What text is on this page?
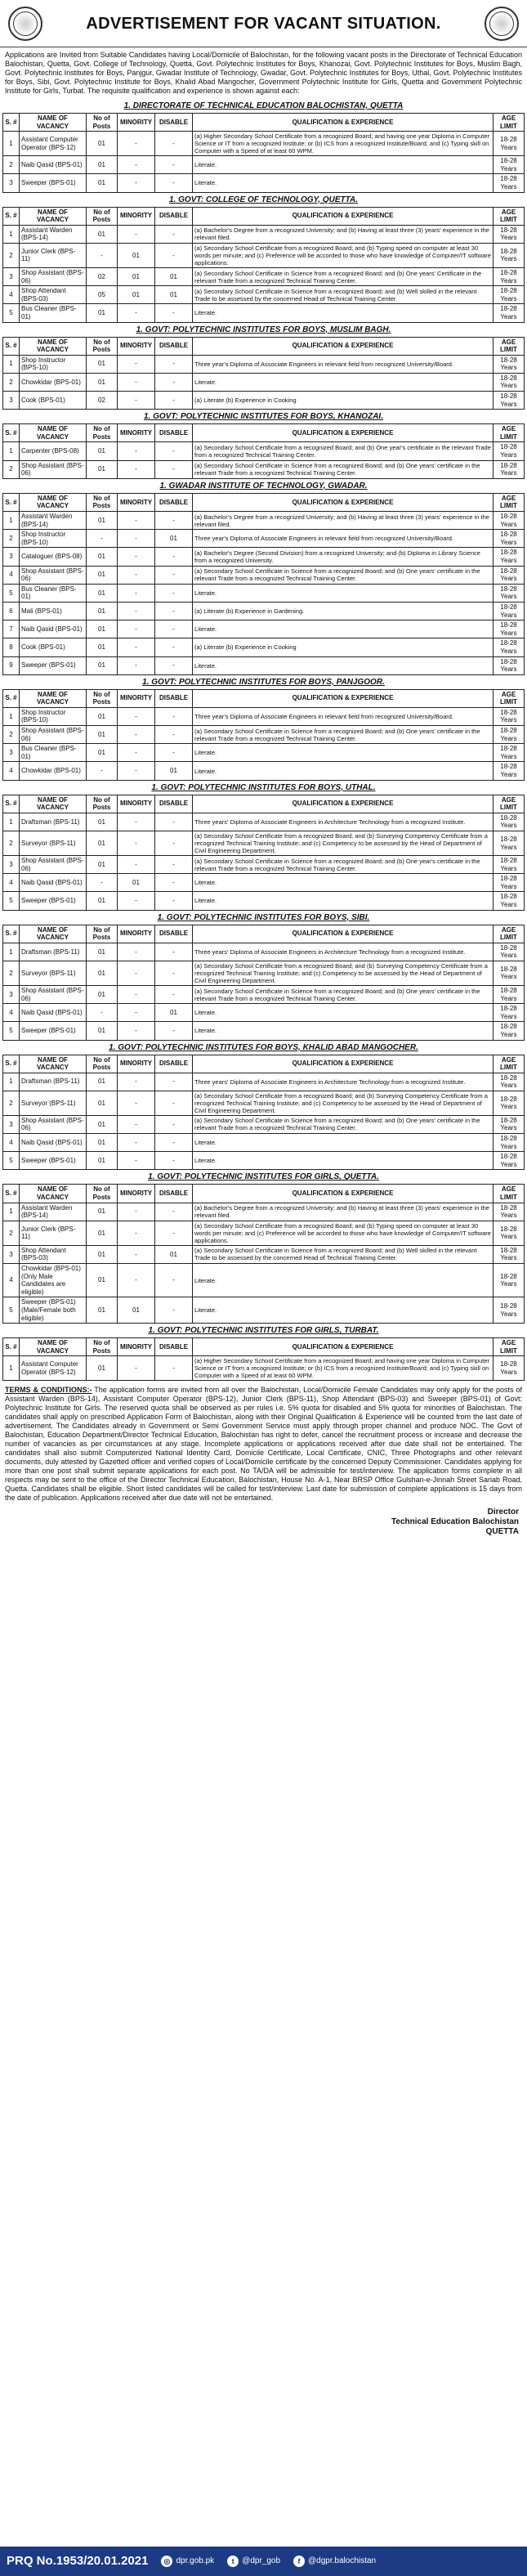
ADVERTISEMENT FOR VACANT SITUATION.
Applications are Invited from Suitable Candidates having Local/Domicile of Balochistan, for the following vacant posts in the Directorate of Technical Education Balochistan, Quetta, Govt. College of Technology, Quetta, Govt. Polytechnic Institutes for Boys, Khanozai, Govt. Polytechnic Institutes for Boys, Muslim Bagh, Govt. Polytechnic Institutes for Boys, Panjgur, Gwadar Institute of Technology, Gwadar, Govt. Polytechnic Institutes for Boys, Uthal, Govt. Polytechnic Institutes for Boys, Sibi, Govt. Polytechnic Institute for Boys, Khalid Abad Mangocher, Government Polytechnic Institute for Girls, Quetta and Government Polytechnic Institute for Girls, Turbat. The requisite qualification and experience is shown against each:
1. DIRECTORATE OF TECHNICAL EDUCATION BALOCHISTAN, QUETTA
S. #	NAME OF VACANCY	No of Posts	MINORITY	DISABLE	QUALIFICATION & EXPERIENCE	AGE LIMIT
1	Assistant Computer Operator (BPS-12)	01	-	-	(a) Higher Secondary School Certificate from a recognized Board; and having one year Diploma in Computer Science or IT from a recognized Institute; or (b) ICS from a recognized Institute/Board; and (c) Typing skill on Computer with a Speed of at least 60 WPM.	18-28 Years
2	Naib Qasid (BPS-01)	01	-	-	Literate.	18-28 Years
3	Sweeper (BPS-01)	01	-	-	Literate.	18-28 Years
1. GOVT: COLLEGE OF TECHNOLOGY, QUETTA.
S. #	NAME OF VACANCY	No of Posts	MINORITY	DISABLE	QUALIFICATION & EXPERIENCE	AGE LIMIT
1	Assistant Warden (BPS-14)	01	-	-	(a) Bachelor's Degree from a recognized University; and (b) Having at least three (3) years' experience in the relevant filed.	18-28 Years
2	Junior Clerk (BPS-11)	-	01	-	(a) Secondary School Certificate from a recognized Board; and (b) Typing speed on computer at least 30 words per minute; and (c) Preference will be accorded to those who have knowledge of Computer/IT software applications.	18-28 Years
3	Shop Assistant (BPS-06)	02	01	01	(a) Secondary School Certificate in Science from a recognized Board; and (b) One years' Certificate in the relevant Trade from a recognized Technical Training Center.	18-28 Years
4	Shop Attendant (BPS-03)	05	01	01	(a) Secondary School Certificate in Science from a recognized Board; and (b) Well skilled in the relevant Trade to be assessed by the concerned Head of Technical Training Center.	18-28 Years
5	Bus Cleaner (BPS-01)	01	-	-	Literate.	18-28 Years
1. GOVT: POLYTECHNIC INSTITUTES FOR BOYS, MUSLIM BAGH.
S. #	NAME OF VACANCY	No of Posts	MINORITY	DISABLE	QUALIFICATION & EXPERIENCE	AGE LIMIT
1	Shop Instructor (BPS-10)	01	-	-	Three year's Diploma of Associate Engineers in relevant field from recognized University/Board.	18-28 Years
2	Chowkidar (BPS-01)	01	-	-	Literate.	18-28 Years
3	Cook (BPS-01)	02	-	-	(a) Literate (b) Experience in Cooking	18-28 Years
1. GOVT: POLYTECHNIC INSTITUTES FOR BOYS, KHANOZAI.
S. #	NAME OF VACANCY	No of Posts	MINORITY	DISABLE	QUALIFICATION & EXPERIENCE	AGE LIMIT
1	Carpenter (BPS-08)	01	-	-	(a) Secondary School Certificate from a recognized Board; and (b) One year's certificate in the relevant Trade from a recognized Technical Training Center.	18-28 Years
2	Shop Assistant (BPS-06)	01	-	-	(a) Secondary School Certificate in Science from a recognized Board; and (b) One years' certificate in the relevant Trade from a recognized Technical Training Center.	18-28 Years
1. GWADAR INSTITUTE OF TECHNOLOGY, GWADAR.
S. #	NAME OF VACANCY	No of Posts	MINORITY	DISABLE	QUALIFICATION & EXPERIENCE	AGE LIMIT
1	Assistant Warden (BPS-14)	01	-	-	(a) Bachelor's Degree from a recognized University; and (b) Having at least three (3) years' experience in the relevant filed.	18-28 Years
2	Shop Instructor (BPS-10)	-	-	01	Three year's Diploma of Associate Engineers in relevant field from recognized University/Board.	18-28 Years
3	Cataloguer (BPS-08)	01	-	-	(a) Bachelor's Degree (Second Division) from a recognized University; and (b) Diploma in Library Science from a recognized University.	18-28 Years
4	Shop Assistant (BPS-06)	01	-	-	(a) Secondary School Certificate in Science from a recognized Board; and (b) One years' certificate in the relevant Trade from a recognized Technical Training Center.	18-28 Years
5	Bus Cleaner (BPS-01)	01	-	-	Literate.	18-28 Years
6	Mali (BPS-01)	01	-	-	(a) Literate (b) Experience in Gardening.	18-28 Years
7	Naib Qasid (BPS-01)	01	-	-	Literate.	18-28 Years
8	Cook (BPS-01)	01	-	-	(a) Literate (b) Experience in Cooking	18-28 Years
9	Sweeper (BPS-01)	01	-	-	Literate.	18-28 Years
1. GOVT: POLYTECHNIC INSTITUTES FOR BOYS, PANJGOOR.
S. #	NAME OF VACANCY	No of Posts	MINORITY	DISABLE	QUALIFICATION & EXPERIENCE	AGE LIMIT
1	Shop Instructor (BPS-10)	01	-	-	Three year's Diploma of Associate Engineers in relevant field from recognized University/Board.	18-28 Years
2	Shop Assistant (BPS-06)	01	-	-	(a) Secondary School Certificate in Science from a recognized Board; and (b) One years' certificate in the relevant Trade from a recognized Technical Training Center.	18-28 Years
3	Bus Cleaner (BPS-01)	01	-	-	Literate.	18-28 Years
4	Chowkidar (BPS-01)	-	-	01	Literate.	18-28 Years
1. GOVT: POLYTECHNIC INSTITUTES FOR BOYS, UTHAL.
S. #	NAME OF VACANCY	No of Posts	MINORITY	DISABLE	QUALIFICATION & EXPERIENCE	AGE LIMIT
1	Draftsman (BPS-11)	01	-	-	Three years' Diploma of Associate Engineers in Architecture Technology from a recognized Institute.	18-28 Years
2	Surveyor (BPS-11)	01	-	-	(a) Secondary School Certificate from a recognized Board; and (b) Surveying Competency Certificate from a recognized Technical Training Institute; and (c) Competency to be assessed by the Head of Department of Civil Engineering Department.	18-28 Years
3	Shop Assistant (BPS-06)	01	-	-	(a) Secondary School Certificate in Science from a recognized Board; and (b) One year's certificate in the relevant Trade from a recognized Technical Training Center.	18-28 Years
4	Naib Qasid (BPS-01)	-	01	-	Literate.	18-28 Years
5	Sweeper (BPS-01)	01	-	-	Literate.	18-28 Years
1. GOVT: POLYTECHNIC INSTITUTES FOR BOYS, SIBI.
S. #	NAME OF VACANCY	No of Posts	MINORITY	DISABLE	QUALIFICATION & EXPERIENCE	AGE LIMIT
1	Draftsman (BPS-11)	01	-	-	Three years' Diploma of Associate Engineers in Architecture Technology from a recognized Institute.	18-28 Years
2	Surveyor (BPS-11)	01	-	-	(a) Secondary School Certificate from a recognized Board; and (b) Surveying Competency Certificate from a recognized Technical Training Institute; and (c) Competency to be assessed by the Head of Department of Civil Engineering Department.	18-28 Years
3	Shop Assistant (BPS-06)	01	-	-	(a) Secondary School Certificate in Science from a recognized Board; and (b) One years' certificate in the relevant Trade from a recognized Technical Training Center.	18-28 Years
4	Naib Qasid (BPS-01)	-	-	01	Literate.	18-28 Years
5	Sweeper (BPS-01)	01	-	-	Literate.	18-28 Years
1. GOVT: POLYTECHNIC INSTITUTES FOR BOYS, KHALID ABAD MANGOCHER.
S. #	NAME OF VACANCY	No of Posts	MINORITY	DISABLE	QUALIFICATION & EXPERIENCE	AGE LIMIT
1	Draftsman (BPS-11)	01	-	-	Three years' Diploma of Associate Engineers in Architecture Technology from a recognized Institute.	18-28 Years
2	Surveyor (BPS-11)	01	-	-	(a) Secondary School Certificate from a recognized Board; and (b) Surveying Competency Certificate from a recognized Technical Training Institute; and (c) Competency to be assessed by the Head of Department of Civil Engineering Department.	18-28 Years
3	Shop Assistant (BPS-06)	01	-	-	(a) Secondary School Certificate in Science from a recognized Board; and (b) One years' certificate in the relevant Trade from a recognized Technical Training Center.	18-28 Years
4	Naib Qasid (BPS-01)	01	-	-	Literate.	18-28 Years
5	Sweeper (BPS-01)	01	-	-	Literate.	18-28 Years
1. GOVT: POLYTECHNIC INSTITUTES FOR GIRLS, QUETTA.
S. #	NAME OF VACANCY	No of Posts	MINORITY	DISABLE	QUALIFICATION & EXPERIENCE	AGE LIMIT
1	Assistant Warden (BPS-14)	01	-	-	(a) Bachelor's Degree from a recognized University; and (b) Having at least three (3) years' experience in the relevant filed.	18-28 Years
2	Junior Clerk (BPS-11)	01	-	-	(a) Secondary School Certificate from a recognized Board; and (b) Typing speed on computer at least 30 words per minute; and (c) Preference will be accorded to those who have knowledge of Computer/IT software applications.	18-28 Years
3	Shop Attendant (BPS-03)	01	-	01	(a) Secondary School Certificate in Science from a recognized Board; and (b) Well skilled in the relevant Trade to be assessed by the concerned Head of Technical Training Center.	18-28 Years
4	Chowkidar (BPS-01) (Only Male Candidates are eligible)	01	-	-	Literate.	18-28 Years
5	Sweeper (BPS-01) (Male/Female both eligible)	01	01	-	Literate.	18-28 Years
1. GOVT: POLYTECHNIC INSTITUTES FOR GIRLS, TURBAT.
S. #	NAME OF VACANCY	No of Posts	MINORITY	DISABLE	QUALIFICATION & EXPERIENCE	AGE LIMIT
1	Assistant Computer Operator (BPS-12)	01	-	-	(a) Higher Secondary School Certificate from a recognized Board; and having one year Diploma in Computer Science or IT from a recognized Institute; or (b) ICS from a recognized Institute/Board; and (c) Typing skill on Computer with a Speed of at least 60 WPM.	18-28 Years
TERMS & CONDITIONS:- The application forms are invited from all over the Balochistan, Local/Domicile Female Candidates may only apply for the posts of Assistant Warden (BPS-14), Assistant Computer Operator (BPS-12), Junior Clerk (BPS-11), Shop Attendant (BPS-03) and Sweeper (BPS-01) of Govt: Polytechnic Institute for Girls. The reserved quota shall be observed as per rules i.e. 5% quota for disabled and 5% quota for minorities of Balochistan. The candidates shall apply on prescribed Application Form of Balochistan, along with their Original Qualification & Experience will be counted from the last date of advertisement. The Candidates already in Government or Semi Government Service must apply through proper channel and produce NOC. The Govt of Balochistan, Education Department/Director Technical Education, Balochistan has right to defer, cancel the recruitment process or increase and decrease the number of vacancies as per circumstances at any stage. Incomplete applications or applications received after due date shall not be entertained. The candidates shall also submit Computerized National Identity Card, Domicile Certificate, Local Certificate, CNIC, Three Photographs and other relevant documents, duly attested by Gazetted officer and verified copies of Local/Domicile certificate by the concerned Deputy Commissioner. Candidates applying for more than one post shall submit separate applications for each post. No TA/DA will be admissible for test/interview. The application forms complete in all respects may be sent to the office of the Director Technical Education, Balochistan, House No. A-1, Near BRSP Office Gulshan-e-Jinnah Street Sariab Road, Quetta. Candidates shall be eligible. Short listed candidates will be called for test/interview. Last date for submission of complete applications is 15 days from the date of publication. Applications received after due date will not be entertained.
Director
Technical Education Balochistan
QUETTA
PRQ No.1953/20.01.2021	◎ dpr.gob.pk	t @dpr_gob	f @dgpr.balochistan
